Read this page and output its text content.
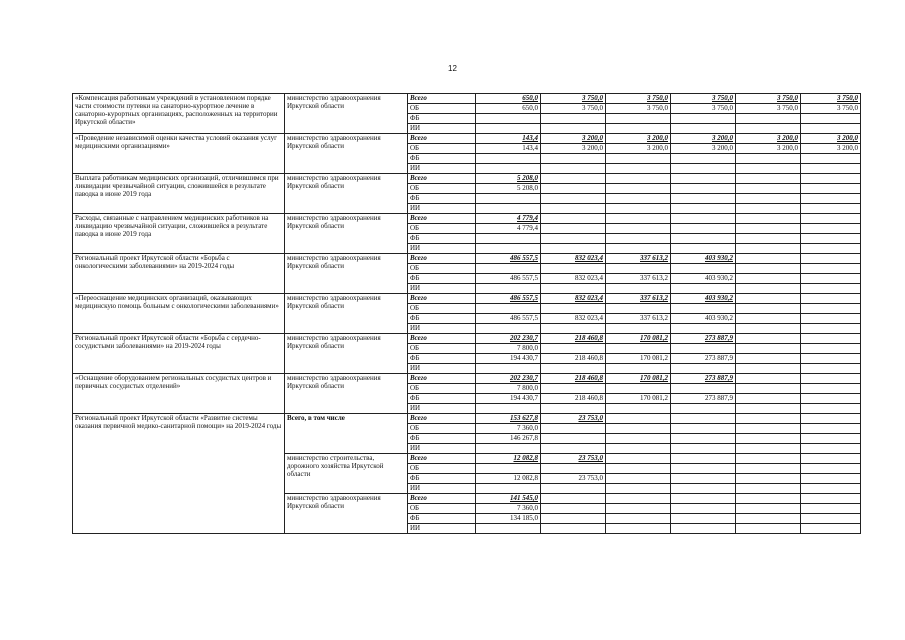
12
«Компенсация работникам учреждений в установленном порядке части стоимости путевки на санаторно-курортное лечение в санаторно-курортных организациях, расположенных на территории Иркутской области»	министерство здравоохранения Иркутской области	Всего	650,0	3 750,0	3 750,0	3 750,0	3 750,0	3 750,0
		ОБ	650,0	3 750,0	3 750,0	3 750,0	3 750,0	3 750,0
		ФБ						
		ИИ						
«Проведение независимой оценки качества условий оказания услуг медицинскими организациями»	министерство здравоохранения Иркутской области	Всего	143,4	3 200,0	3 200,0	3 200,0	3 200,0	3 200,0
		ОБ	143,4	3 200,0	3 200,0	3 200,0	3 200,0	3 200,0
		ФБ						
		ИИ						
Выплата работникам медицинских организаций, отличившимся при ликвидации чрезвычайной ситуации, сложившейся в результате паводка в июне 2019 года	министерство здравоохранения Иркутской области	Всего	5 208,0					
		ОБ	5 208,0					
		ФБ						
		ИИ						
Расходы, связанные с направлением медицинских работников на ликвидацию чрезвычайной ситуации, сложившейся в результате паводка в июне 2019 года	министерство здравоохранения Иркутской области	Всего	4 779,4					
		ОБ	4 779,4					
		ФБ						
		ИИ						
Региональный проект Иркутской области «Борьба с онкологическими заболеваниями» на 2019-2024 годы	министерство здравоохранения Иркутской области	Всего	486 557,5	832 023,4	337 613,2	403 930,2		
		ОБ						
		ФБ	486 557,5	832 023,4	337 613,2	403 930,2		
		ИИ						
«Переоснащение медицинских организаций, оказывающих медицинскую помощь больным с онкологическими заболеваниями»	министерство здравоохранения Иркутской области	Всего	486 557,5	832 023,4	337 613,2	403 930,2		
		ОБ						
		ФБ	486 557,5	832 023,4	337 613,2	403 930,2		
		ИИ						
Региональный проект Иркутской области «Борьба с сердечно-сосудистыми заболеваниями» на 2019-2024 годы	министерство здравоохранения Иркутской области	Всего	202 230,7	218 460,8	170 081,2	273 887,9		
		ОБ	7 800,0					
		ФБ	194 430,7	218 460,8	170 081,2	273 887,9		
		ИИ						
«Оснащение оборудованием региональных сосудистых центров и первичных сосудистых отделений»	министерство здравоохранения Иркутской области	Всего	202 230,7	218 460,8	170 081,2	273 887,9		
		ОБ	7 800,0					
		ФБ	194 430,7	218 460,8	170 081,2	273 887,9		
		ИИ						
Региональный проект Иркутской области «Развитие системы оказания первичной медико-санитарной помощи» на 2019-2024 годы	Всего, в том числе	Всего	153 627,8	23 753,0				
		ОБ	7 360,0					
		ФБ	146 267,8					
		ИИ						
	министерство строительства, дорожного хозяйства Иркутской области	Всего	12 082,8	23 753,0				
		ОБ						
		ФБ	12 082,8	23 753,0				
		ИИ						
	министерство здравоохранения Иркутской области	Всего	141 545,0					
		ОБ	7 360,0					
		ФБ	134 185,0					
		ИИ						
